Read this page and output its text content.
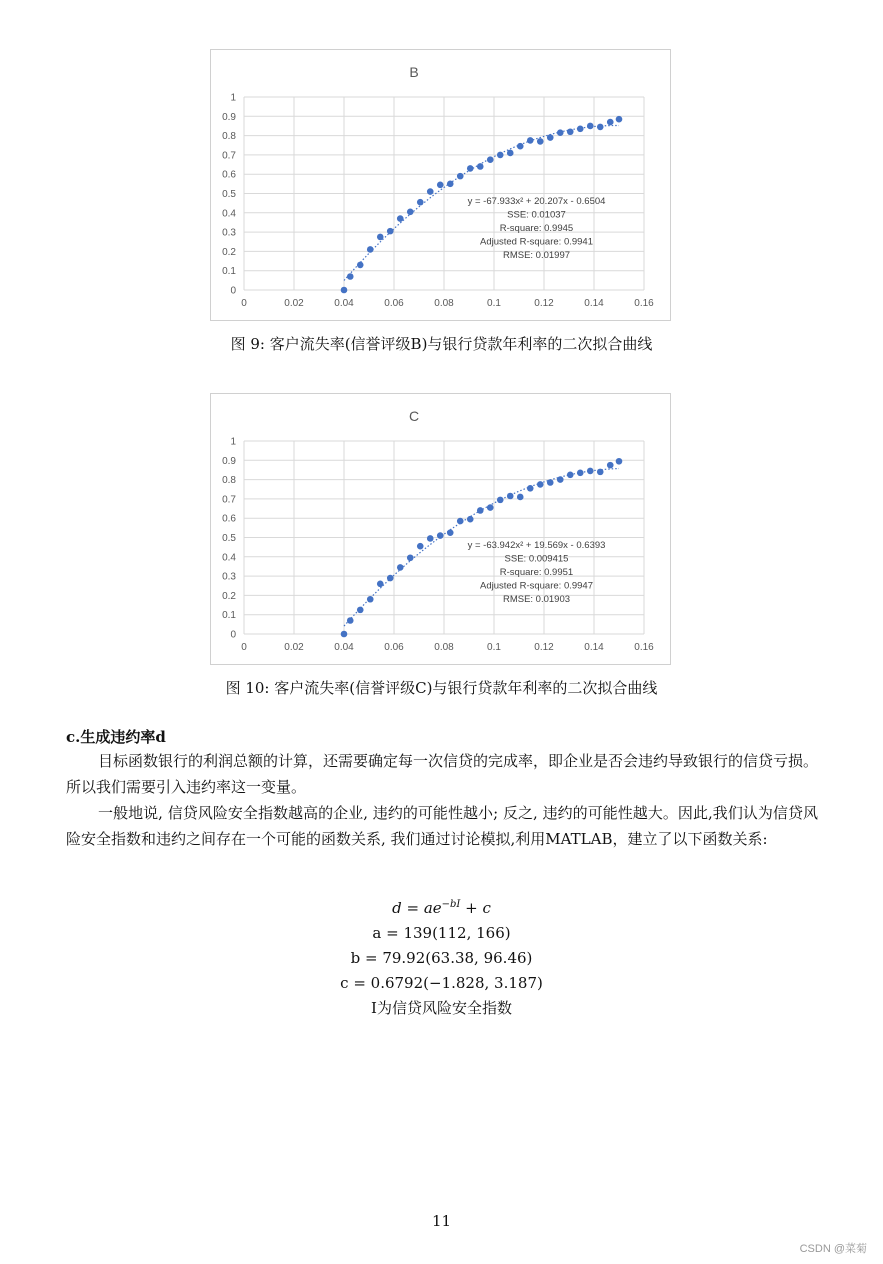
B
0
0.1
0.2
0.3
0.4
0.5
0.6
0.7
0.8
0.9
1
0	0.02	0.04	0.06	0.08	0.1	0.12	0.14	0.16
y = -67.933x² + 20.207x - 0.6504
SSE: 0.01037
R-square: 0.9945
Adjusted R-square: 0.9941
RMSE: 0.01997
图 9: 客户流失率(信誉评级B)与银行贷款年利率的二次拟合曲线
C
0
0.1
0.2
0.3
0.4
0.5
0.6
0.7
0.8
0.9
1
0	0.02	0.04	0.06	0.08	0.1	0.12	0.14	0.16
y = -63.942x² + 19.569x - 0.6393
SSE: 0.009415
R-square: 0.9951
Adjusted R-square: 0.9947
RMSE: 0.01903
图 10: 客户流失率(信誉评级C)与银行贷款年利率的二次拟合曲线
c.生成违约率d
目标函数银行的利润总额的计算，还需要确定每一次信贷的完成率，即企业是否会违约导致银行的信贷亏损。所以我们需要引入违约率这一变量。
一般地说, 信贷风险安全指数越高的企业, 违约的可能性越小; 反之, 违约的可能性越大。因此,我们认为信贷风险安全指数和违约之间存在一个可能的函数关系, 我们通过讨论模拟,利用MATLAB，建立了以下函数关系:
$d = ae^{-bI} + c$
a = 139(112, 166)
b = 79.92(63.38, 96.46)
c = 0.6792(−1.828, 3.187)
I为信贷风险安全指数
11
CSDN @菜菊
